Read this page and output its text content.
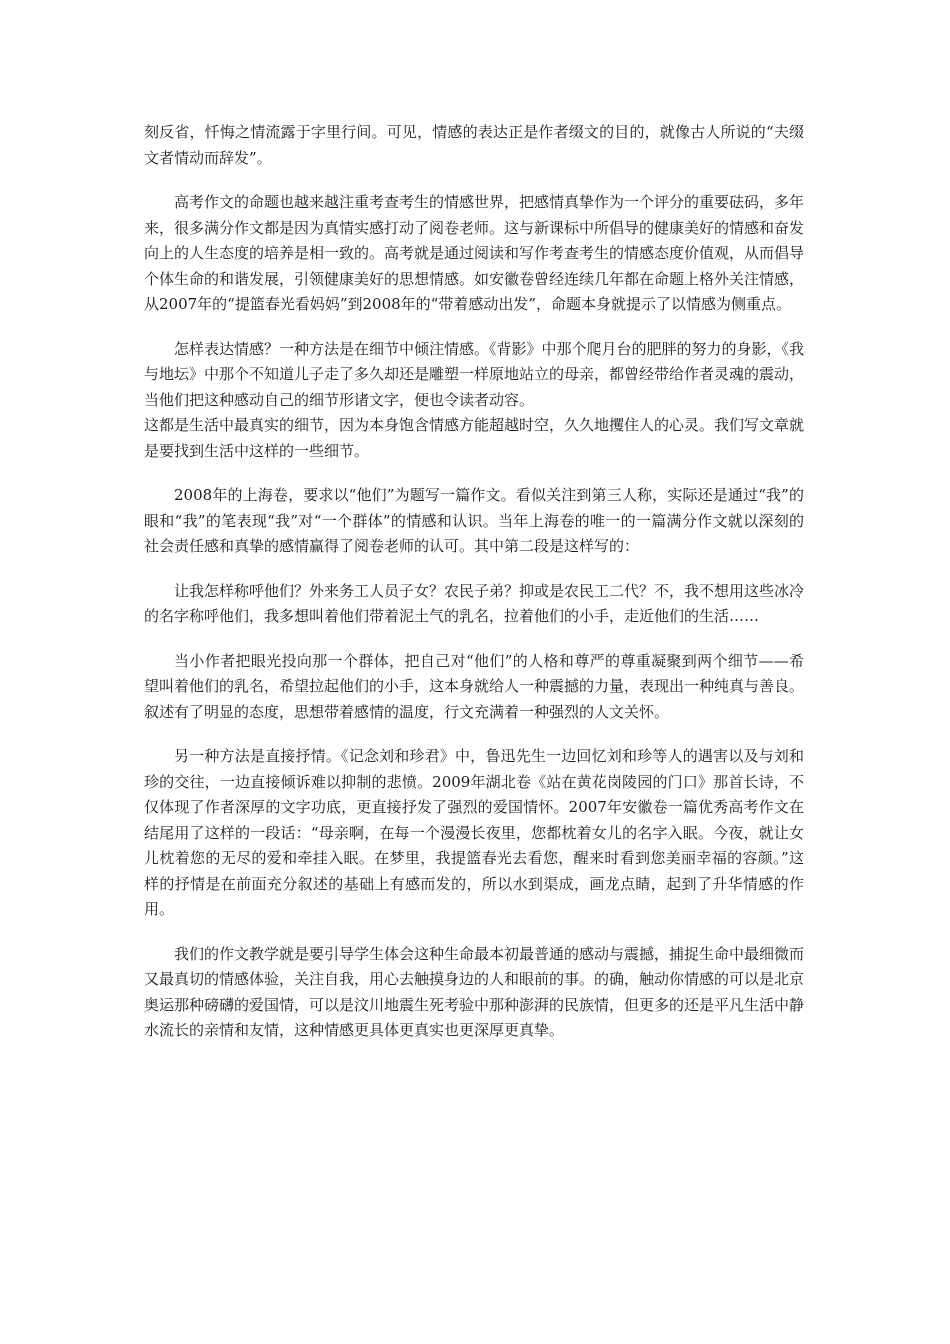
刻反省，忏悔之情流露于字里行间。可见，情感的表达正是作者缀文的目的，就像古人所说的“夫缀文者情动而辞发”。

高考作文的命题也越来越注重考查考生的情感世界，把感情真挚作为一个评分的重要砝码，多年来，很多满分作文都是因为真情实感打动了阅卷老师。这与新课标中所倡导的健康美好的情感和奋发向上的人生态度的培养是相一致的。高考就是通过阅读和写作考查考生的情感态度价值观，从而倡导个体生命的和谐发展，引领健康美好的思想情感。如安徽卷曾经连续几年都在命题上格外关注情感，从2007年的“提篮春光看妈妈”到2008年的“带着感动出发”，命题本身就提示了以情感为侧重点。

怎样表达情感？一种方法是在细节中倾注情感。《背影》中那个爬月台的肥胖的努力的身影，《我与地坛》中那个不知道儿子走了多久却还是雕塑一样原地站立的母亲，都曾经带给作者灵魂的震动，当他们把这种感动自己的细节形诸文字，便也令读者动容。

这都是生活中最真实的细节，因为本身饱含情感方能超越时空，久久地攫住人的心灵。我们写文章就是要找到生活中这样的一些细节。

2008年的上海卷，要求以“他们”为题写一篇作文。看似关注到第三人称，实际还是通过“我”的眼和“我”的笔表现“我”对“一个群体”的情感和认识。当年上海卷的唯一的一篇满分作文就以深刻的社会责任感和真挚的感情赢得了阅卷老师的认可。其中第二段是这样写的：

让我怎样称呼他们？外来务工人员子女？农民子弟？抑或是农民工二代？不，我不想用这些冰冷的名字称呼他们，我多想叫着他们带着泥土气的乳名，拉着他们的小手，走近他们的生活……

当小作者把眼光投向那一个群体，把自己对“他们”的人格和尊严的尊重凝聚到两个细节——希望叫着他们的乳名，希望拉起他们的小手，这本身就给人一种震撼的力量，表现出一种纯真与善良。叙述有了明显的态度，思想带着感情的温度，行文充满着一种强烈的人文关怀。

另一种方法是直接抒情。《记念刘和珍君》中，鲁迅先生一边回忆刘和珍等人的遇害以及与刘和珍的交往，一边直接倾诉难以抑制的悲愤。2009年湖北卷《站在黄花岗陵园的门口》那首长诗，不仅体现了作者深厚的文字功底，更直接抒发了强烈的爱国情怀。2007年安徽卷一篇优秀高考作文在结尾用了这样的一段话：“母亲啊，在每一个漫漫长夜里，您都枕着女儿的名字入眠。今夜，就让女儿枕着您的无尽的爱和牵挂入眠。在梦里，我提篮春光去看您，醒来时看到您美丽幸福的容颜。”这样的抒情是在前面充分叙述的基础上有感而发的，所以水到渠成，画龙点睛，起到了升华情感的作用。

我们的作文教学就是要引导学生体会这种生命最本初最普通的感动与震撼，捕捉生命中最细微而又最真切的情感体验，关注自我，用心去触摸身边的人和眼前的事。的确，触动你情感的可以是北京奥运那种磅礴的爱国情，可以是汶川地震生死考验中那种澎湃的民族情，但更多的还是平凡生活中静水流长的亲情和友情，这种情感更具体更真实也更深厚更真挚。
